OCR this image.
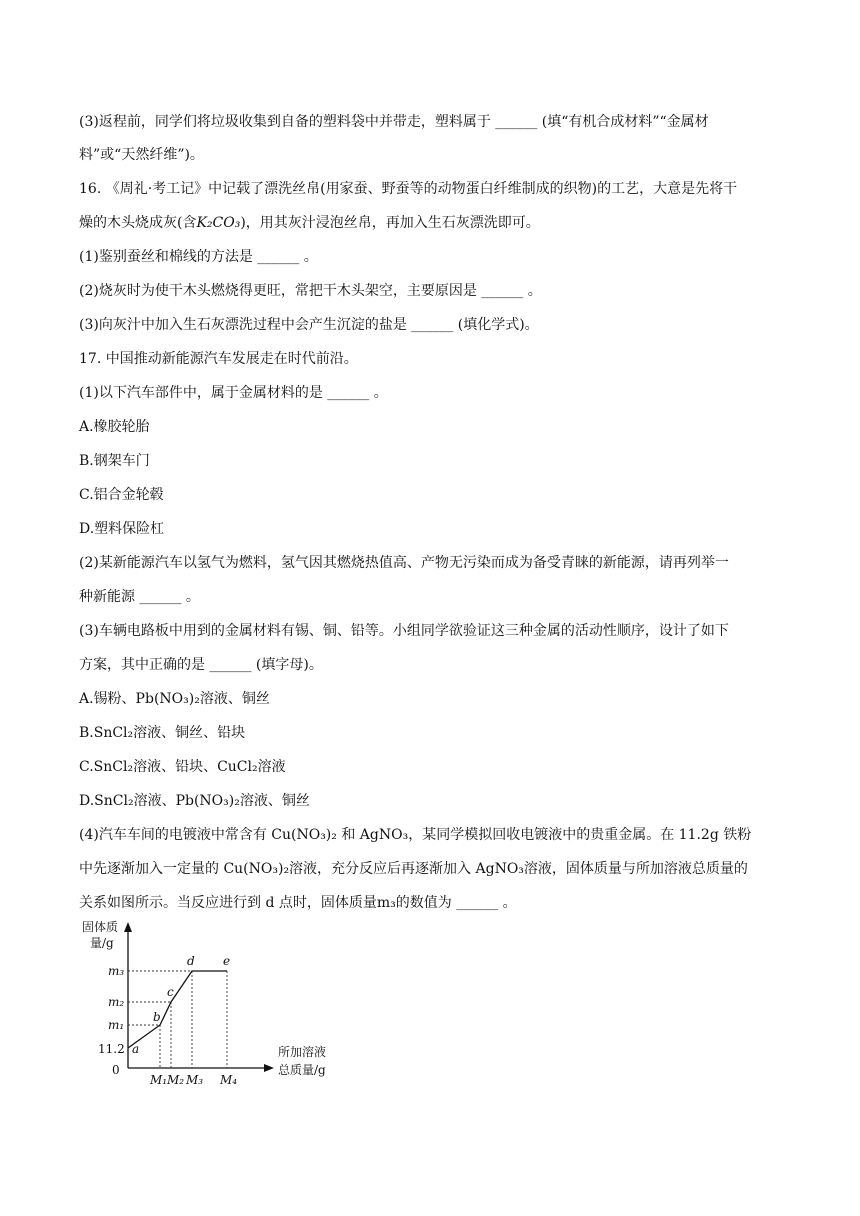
(3)返程前，同学们将垃圾收集到自备的塑料袋中并带走，塑料属于 ______ (填“有机合成材料”“金属材
料”或“天然纤维”)。
16. 《周礼·考工记》中记载了漂洗丝帛(用家蚕、野蚕等的动物蛋白纤维制成的织物)的工艺，大意是先将干
燥的木头烧成灰(含K₂CO₃)，用其灰汁浸泡丝帛，再加入生石灰漂洗即可。
(1)鉴别蚕丝和棉线的方法是 ______ 。
(2)烧灰时为使干木头燃烧得更旺，常把干木头架空，主要原因是 ______ 。
(3)向灰汁中加入生石灰漂洗过程中会产生沉淀的盐是 ______ (填化学式)。
17. 中国推动新能源汽车发展走在时代前沿。
(1)以下汽车部件中，属于金属材料的是 ______ 。
A.橡胶轮胎
B.钢架车门
C.铝合金轮毂
D.塑料保险杠
(2)某新能源汽车以氢气为燃料，氢气因其燃烧热值高、产物无污染而成为备受青睐的新能源，请再列举一
种新能源 ______ 。
(3)车辆电路板中用到的金属材料有锡、铜、铅等。小组同学欲验证这三种金属的活动性顺序，设计了如下
方案，其中正确的是 ______ (填字母)。
A.锡粉、Pb(NO₃)₂溶液、铜丝
B.SnCl₂溶液、铜丝、铅块
C.SnCl₂溶液、铅块、CuCl₂溶液
D.SnCl₂溶液、Pb(NO₃)₂溶液、铜丝
(4)汽车车间的电镀液中常含有 Cu(NO₃)₂ 和 AgNO₃，某同学模拟回收电镀液中的贵重金属。在 11.2g 铁粉
中先逐渐加入一定量的 Cu(NO₃)₂溶液，充分反应后再逐渐加入 AgNO₃溶液，固体质量与所加溶液总质量的
关系如图所示。当反应进行到 d 点时，固体质量m₃的数值为 ______ 。
固体质
量/g
所加溶液
总质量/g
0
11.2
m₁
m₂
m₃
M₁ M₂ M₃ M₄
a
b
c
d e
